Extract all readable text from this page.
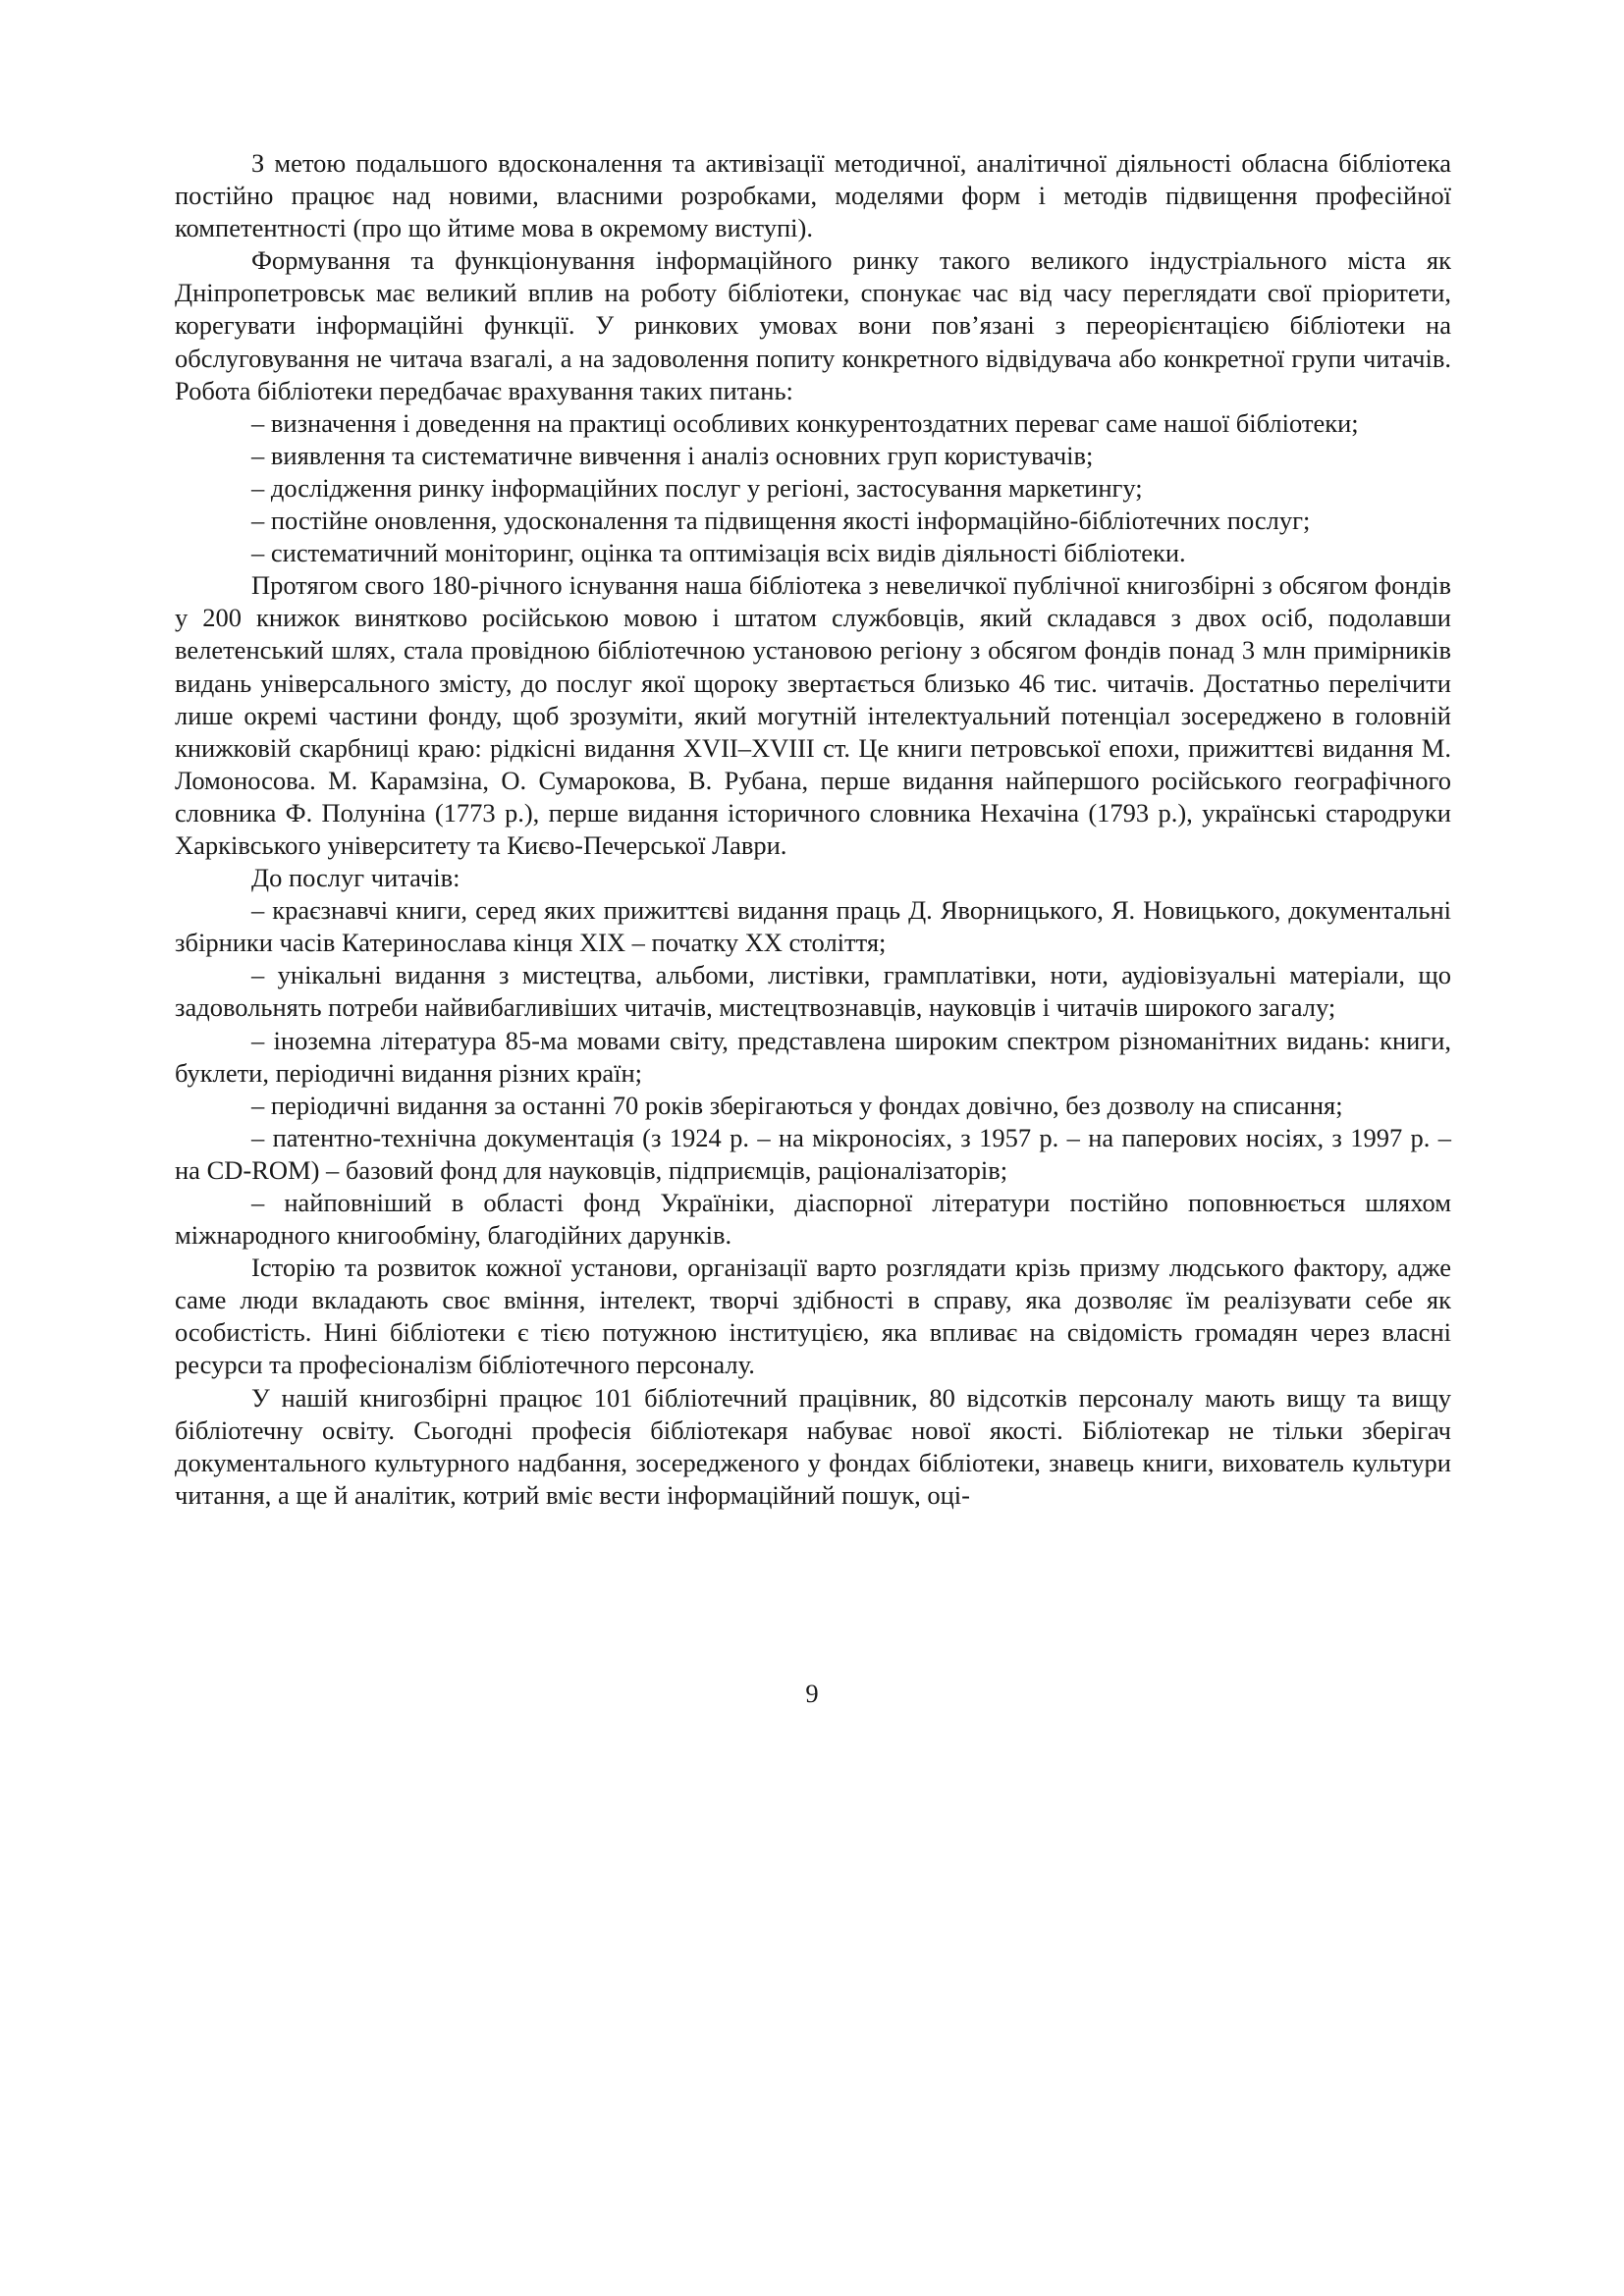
З метою подальшого вдосконалення та активізації методичної, аналітичної діяльності обласна бібліотека постійно працює над новими, власними розробками, моделями форм і методів підвищення професійної компетентності (про що йтиме мова в окремому виступі).

Формування та функціонування інформаційного ринку такого великого індустріального міста як Дніпропетровськ має великий вплив на роботу бібліотеки, спонукає час від часу переглядати свої пріоритети, корегувати інформаційні функції. У ринкових умовах вони пов’язані з переорієнтацією бібліотеки на обслуговування не читача взагалі, а на задоволення попиту конкретного відвідувача або конкретної групи читачів. Робота бібліотеки передбачає врахування таких питань:

– визначення і доведення на практиці особливих конкурентоздатних переваг саме нашої бібліотеки;

– виявлення та систематичне вивчення і аналіз основних груп користувачів;

– дослідження ринку інформаційних послуг у регіоні, застосування маркетингу;

– постійне оновлення, удосконалення та підвищення якості інформаційно-бібліотечних послуг;

– систематичний моніторинг, оцінка та оптимізація всіх видів діяльності бібліотеки.

Протягом свого 180-річного існування наша бібліотека з невеличкої публічної книгозбірні з обсягом фондів у 200 книжок винятково російською мовою і штатом службовців, який складався з двох осіб, подолавши велетенський шлях, стала провідною бібліотечною установою регіону з обсягом фондів понад 3 млн примірників видань універсального змісту, до послуг якої щороку звертається близько 46 тис. читачів. Достатньо перелічити лише окремі частини фонду, щоб зрозуміти, який могутній інтелектуальний потенціал зосереджено в головній книжковій скарбниці краю: рідкісні видання XVII–XVIII ст. Це книги петровської епохи, прижиттєві видання М. Ломоносова. М. Карамзіна, О. Сумарокова, В. Рубана, перше видання найпершого російського географічного словника Ф. Полуніна (1773 р.), перше видання історичного словника Нехачіна (1793 р.), українські стародруки Харківського університету та Києво-Печерської Лаври.

До послуг читачів:

– краєзнавчі книги, серед яких прижиттєві видання праць Д. Яворницького, Я. Новицького, документальні збірники часів Катеринослава кінця ХІХ – початку ХХ століття;

– унікальні видання з мистецтва, альбоми, листівки, грамплатівки, ноти, аудіовізуальні матеріали, що задовольнять потреби найвибагливіших читачів, мистецтвознавців, науковців і читачів широкого загалу;

– іноземна література 85-ма мовами світу, представлена широким спектром різноманітних видань: книги, буклети, періодичні видання різних країн;

– періодичні видання за останні 70 років зберігаються у фондах довічно, без дозволу на списання;

– патентно-технічна документація (з 1924 р. – на мікроносіях, з 1957 р. – на паперових носіях, з 1997 р. – на CD-ROM) – базовий фонд для науковців, підприємців, раціоналізаторів;

– найповніший в області фонд Україніки, діаспорної літератури постійно поповнюється шляхом міжнародного книгообміну, благодійних дарунків.

Історію та розвиток кожної установи, організації варто розглядати крізь призму людського фактору, адже саме люди вкладають своє вміння, інтелект, творчі здібності в справу, яка дозволяє їм реалізувати себе як особистість. Нині бібліотеки є тією потужною інституцією, яка впливає на свідомість громадян через власні ресурси та професіоналізм бібліотечного персоналу.

У нашій книгозбірні працює 101 бібліотечний працівник, 80 відсотків персоналу мають вищу та вищу бібліотечну освіту. Сьогодні професія бібліотекаря набуває нової якості. Бібліотекар не тільки зберігач документального культурного надбання, зосередженого у фондах бібліотеки, знавець книги, вихователь культури читання, а ще й аналітик, котрий вміє вести інформаційний пошук, оці-

9
